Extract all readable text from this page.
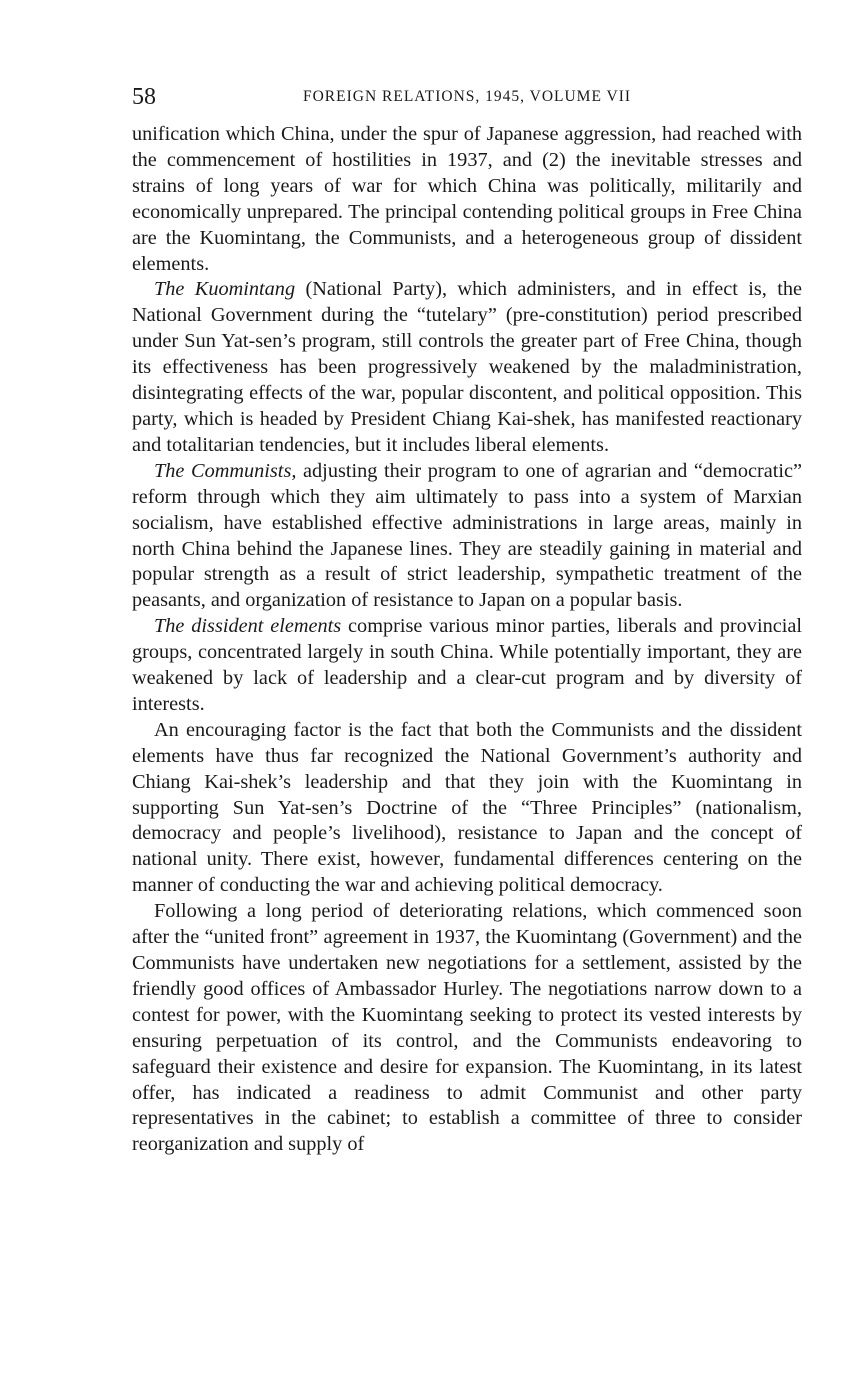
58	FOREIGN RELATIONS, 1945, VOLUME VII

unification which China, under the spur of Japanese aggression, had reached with the commencement of hostilities in 1937, and (2) the inevitable stresses and strains of long years of war for which China was politically, militarily and economically unprepared. The principal contending political groups in Free China are the Kuomintang, the Communists, and a heterogeneous group of dissident elements.

The Kuomintang (National Party), which administers, and in effect is, the National Government during the “tutelary” (pre-constitution) period prescribed under Sun Yat-sen’s program, still controls the greater part of Free China, though its effectiveness has been progressively weakened by the maladministration, disintegrating effects of the war, popular discontent, and political opposition. This party, which is headed by President Chiang Kai-shek, has manifested reactionary and totalitarian tendencies, but it includes liberal elements.

The Communists, adjusting their program to one of agrarian and “democratic” reform through which they aim ultimately to pass into a system of Marxian socialism, have established effective administrations in large areas, mainly in north China behind the Japanese lines. They are steadily gaining in material and popular strength as a result of strict leadership, sympathetic treatment of the peasants, and organization of resistance to Japan on a popular basis.

The dissident elements comprise various minor parties, liberals and provincial groups, concentrated largely in south China. While potentially important, they are weakened by lack of leadership and a clear-cut program and by diversity of interests.

An encouraging factor is the fact that both the Communists and the dissident elements have thus far recognized the National Government’s authority and Chiang Kai-shek’s leadership and that they join with the Kuomintang in supporting Sun Yat-sen’s Doctrine of the “Three Principles” (nationalism, democracy and people’s livelihood), resistance to Japan and the concept of national unity. There exist, however, fundamental differences centering on the manner of conducting the war and achieving political democracy.

Following a long period of deteriorating relations, which commenced soon after the “united front” agreement in 1937, the Kuomintang (Government) and the Communists have undertaken new negotiations for a settlement, assisted by the friendly good offices of Ambassador Hurley. The negotiations narrow down to a contest for power, with the Kuomintang seeking to protect its vested interests by ensuring perpetuation of its control, and the Communists endeavoring to safeguard their existence and desire for expansion. The Kuomintang, in its latest offer, has indicated a readiness to admit Communist and other party representatives in the cabinet; to establish a committee of three to consider reorganization and supply of
